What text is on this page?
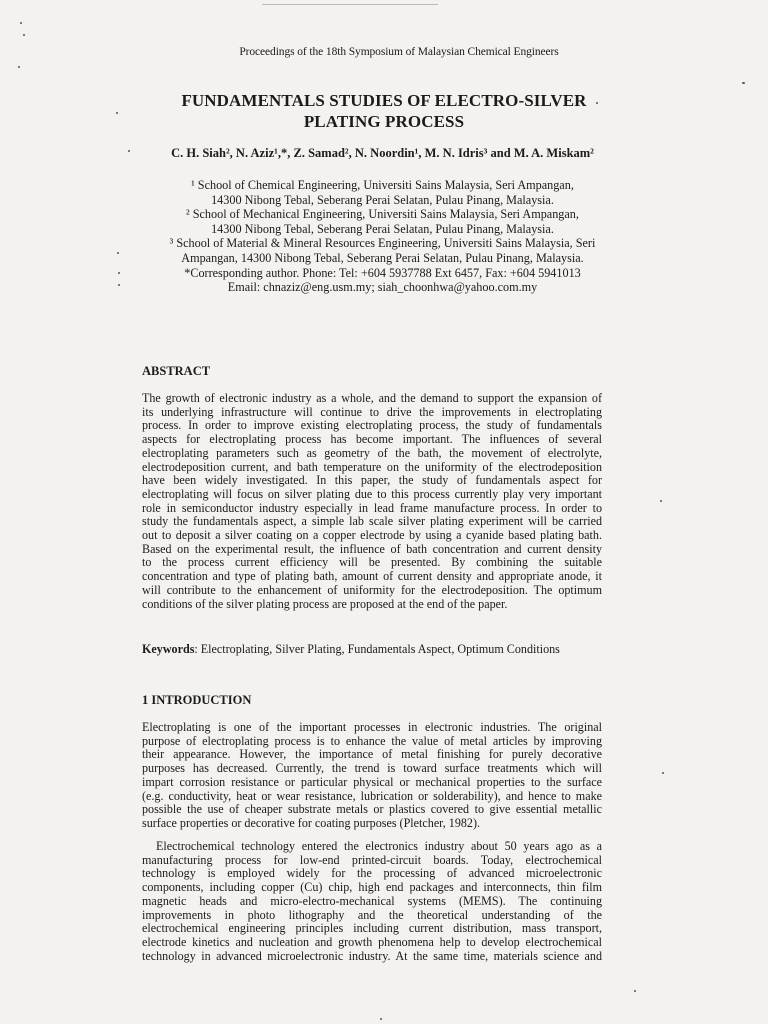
Proceedings of the 18th Symposium of Malaysian Chemical Engineers
FUNDAMENTALS STUDIES OF ELECTRO-SILVER
PLATING PROCESS
C. H. Siah², N. Aziz¹,*, Z. Samad², N. Noordin¹, M. N. Idris³ and M. A. Miskam²
¹ School of Chemical Engineering, Universiti Sains Malaysia, Seri Ampangan,
14300 Nibong Tebal, Seberang Perai Selatan, Pulau Pinang, Malaysia.
² School of Mechanical Engineering, Universiti Sains Malaysia, Seri Ampangan,
14300 Nibong Tebal, Seberang Perai Selatan, Pulau Pinang, Malaysia.
³ School of Material & Mineral Resources Engineering, Universiti Sains Malaysia, Seri
Ampangan, 14300 Nibong Tebal, Seberang Perai Selatan, Pulau Pinang, Malaysia.
*Corresponding author. Phone: Tel: +604 5937788 Ext 6457, Fax: +604 5941013
Email: chnaziz@eng.usm.my; siah_choonhwa@yahoo.com.my
ABSTRACT
The growth of electronic industry as a whole, and the demand to support the expansion of
its underlying infrastructure will continue to drive the improvements in electroplating
process. In order to improve existing electroplating process, the study of fundamentals
aspects for electroplating process has become important. The influences of several
electroplating parameters such as geometry of the bath, the movement of electrolyte,
electrodeposition current, and bath temperature on the uniformity of the electrodeposition
have been widely investigated. In this paper, the study of fundamentals aspect for
electroplating will focus on silver plating due to this process currently play very important
role in semiconductor industry especially in lead frame manufacture process. In order to
study the fundamentals aspect, a simple lab scale silver plating experiment will be carried
out to deposit a silver coating on a copper electrode by using a cyanide based plating bath.
Based on the experimental result, the influence of bath concentration and current density
to the process current efficiency will be presented. By combining the suitable
concentration and type of plating bath, amount of current density and appropriate anode, it
will contribute to the enhancement of uniformity for the electrodeposition. The optimum
conditions of the silver plating process are proposed at the end of the paper.
Keywords: Electroplating, Silver Plating, Fundamentals Aspect, Optimum Conditions
1 INTRODUCTION
Electroplating is one of the important processes in electronic industries. The original
purpose of electroplating process is to enhance the value of metal articles by improving
their appearance. However, the importance of metal finishing for purely decorative
purposes has decreased. Currently, the trend is toward surface treatments which will
impart corrosion resistance or particular physical or mechanical properties to the surface
(e.g. conductivity, heat or wear resistance, lubrication or solderability), and hence to make
possible the use of cheaper substrate metals or plastics covered to give essential metallic
surface properties or decorative for coating purposes (Pletcher, 1982).
Electrochemical technology entered the electronics industry about 50 years ago as a
manufacturing process for low-end printed-circuit boards. Today, electrochemical
technology is employed widely for the processing of advanced microelectronic
components, including copper (Cu) chip, high end packages and interconnects, thin film
magnetic heads and micro-electro-mechanical systems (MEMS). The continuing
improvements in photo lithography and the theoretical understanding of the
electrochemical engineering principles including current distribution, mass transport,
electrode kinetics and nucleation and growth phenomena help to develop electrochemical
technology in advanced microelectronic industry. At the same time, materials science and
